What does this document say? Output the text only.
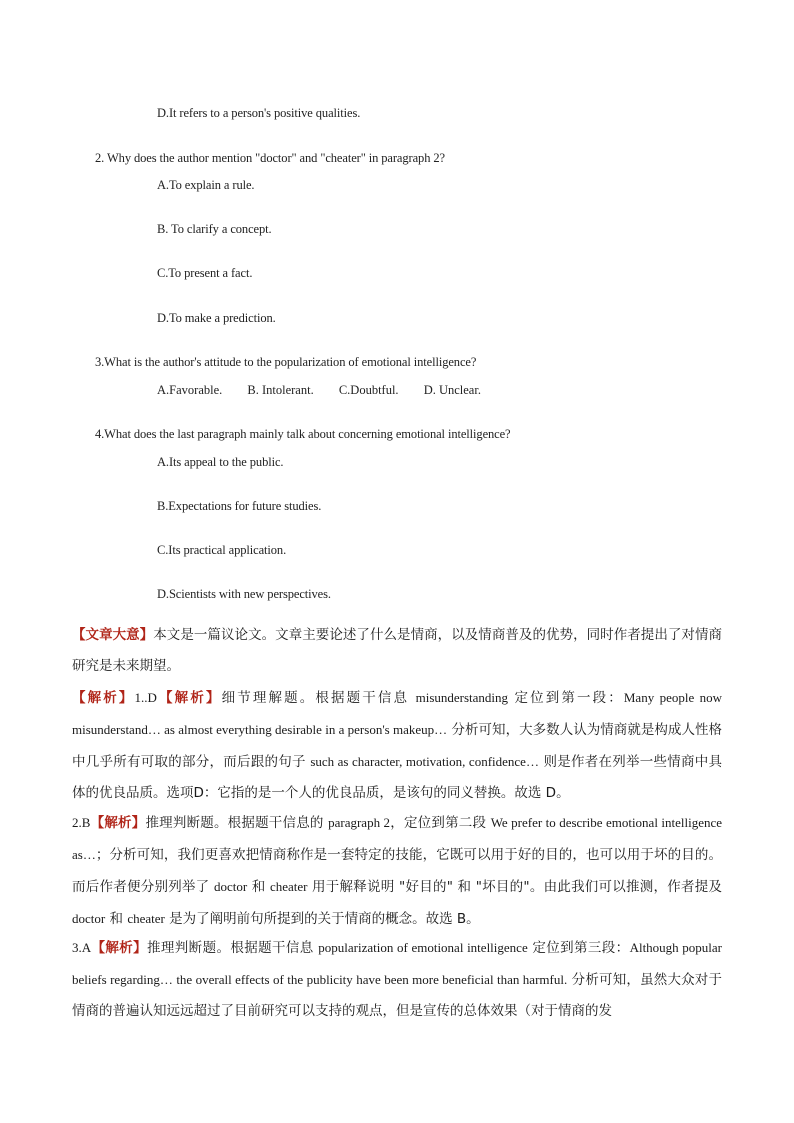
D.It refers to a person's positive qualities.
2. Why does the author mention "doctor" and "cheater" in paragraph 2?
A.To explain a rule.
B. To clarify a concept.
C.To present a fact.
D.To make a prediction.
3.What is the author's attitude to the popularization of emotional intelligence?
A.Favorable. B. Intolerant. C.Doubtful. D. Unclear.
4.What does the last paragraph mainly talk about concerning emotional intelligence?
A.Its appeal to the public.
B.Expectations for future studies.
C.Its practical application.
D.Scientists with new perspectives.
【文章大意】本文是一篇议论文。文章主要论述了什么是情商，以及情商普及的优势，同时作者提出了对情商研究是未来期望。
【解析】1..D【解析】细节理解题。根据题干信息 misunderstanding 定位到第一段：Many people now misunderstand… as almost everything desirable in a person's makeup… 分析可知，大多数人认为情商就是构成人性格中几乎所有可取的部分，而后跟的句子 such as character, motivation, confidence… 则是作者在列举一些情商中具体的优良品质。选项D：它指的是一个人的优良品质，是该句的同义替换。故选 D。
2.B【解析】推理判断题。根据题干信息的 paragraph 2，定位到第二段 We prefer to describe emotional intelligence as…；分析可知，我们更喜欢把情商称作是一套特定的技能，它既可以用于好的目的，也可以用于坏的目的。而后作者便分别列举了 doctor 和 cheater 用于解释说明 "好目的" 和 "坏目的"。由此我们可以推测，作者提及 doctor 和 cheater 是为了阐明前句所提到的关于情商的概念。故选 B。
3.A【解析】推理判断题。根据题干信息 popularization of emotional intelligence 定位到第三段：Although popular beliefs regarding… the overall effects of the publicity have been more beneficial than harmful. 分析可知，虽然大众对于情商的普遍认知远远超过了目前研究可以支持的观点，但是宣传的总体效果（对于情商的发
